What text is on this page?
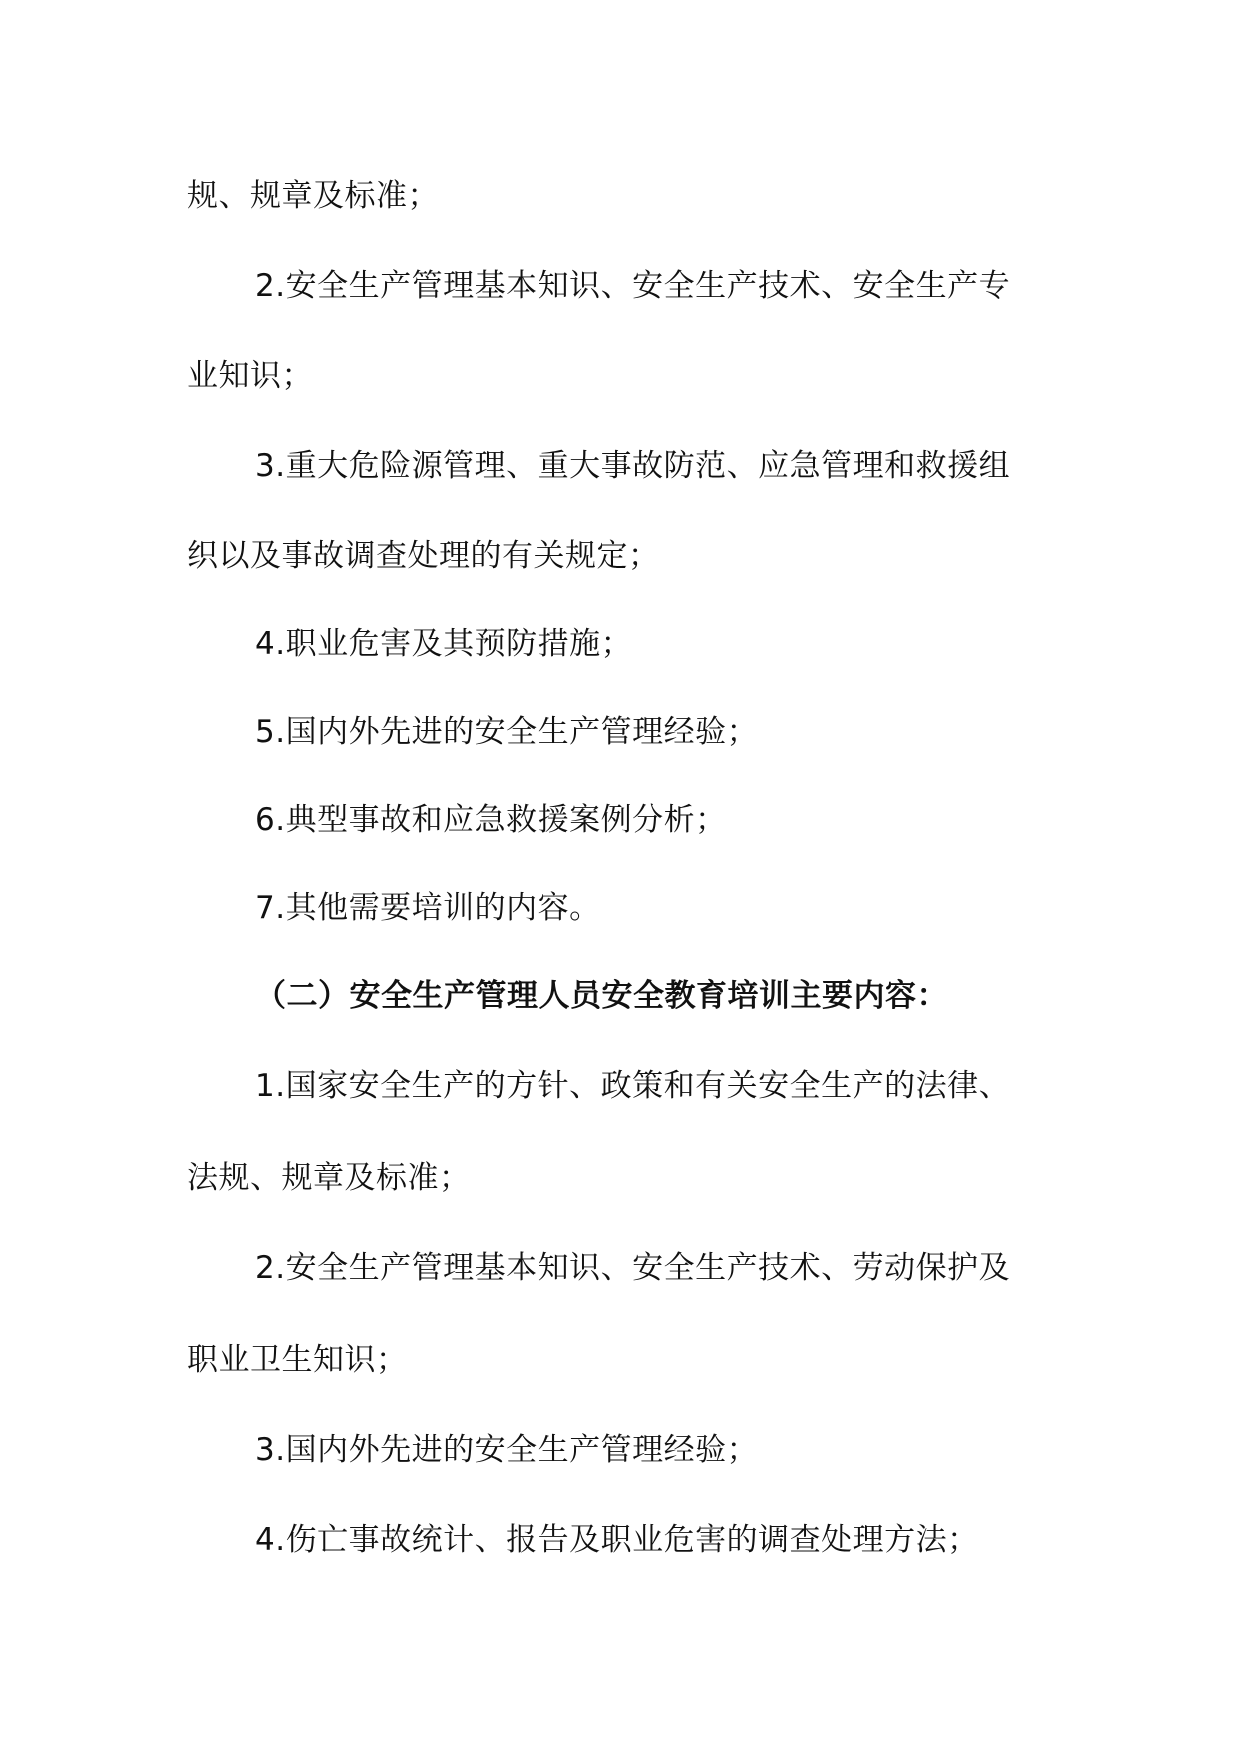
规、规章及标准；
2.安全生产管理基本知识、安全生产技术、安全生产专
业知识；
3.重大危险源管理、重大事故防范、应急管理和救援组
织以及事故调查处理的有关规定；
4.职业危害及其预防措施；
5.国内外先进的安全生产管理经验；
6.典型事故和应急救援案例分析；
7.其他需要培训的内容。
（二）安全生产管理人员安全教育培训主要内容：
1.国家安全生产的方针、政策和有关安全生产的法律、
法规、规章及标准；
2.安全生产管理基本知识、安全生产技术、劳动保护及
职业卫生知识；
3.国内外先进的安全生产管理经验；
4.伤亡事故统计、报告及职业危害的调查处理方法；
